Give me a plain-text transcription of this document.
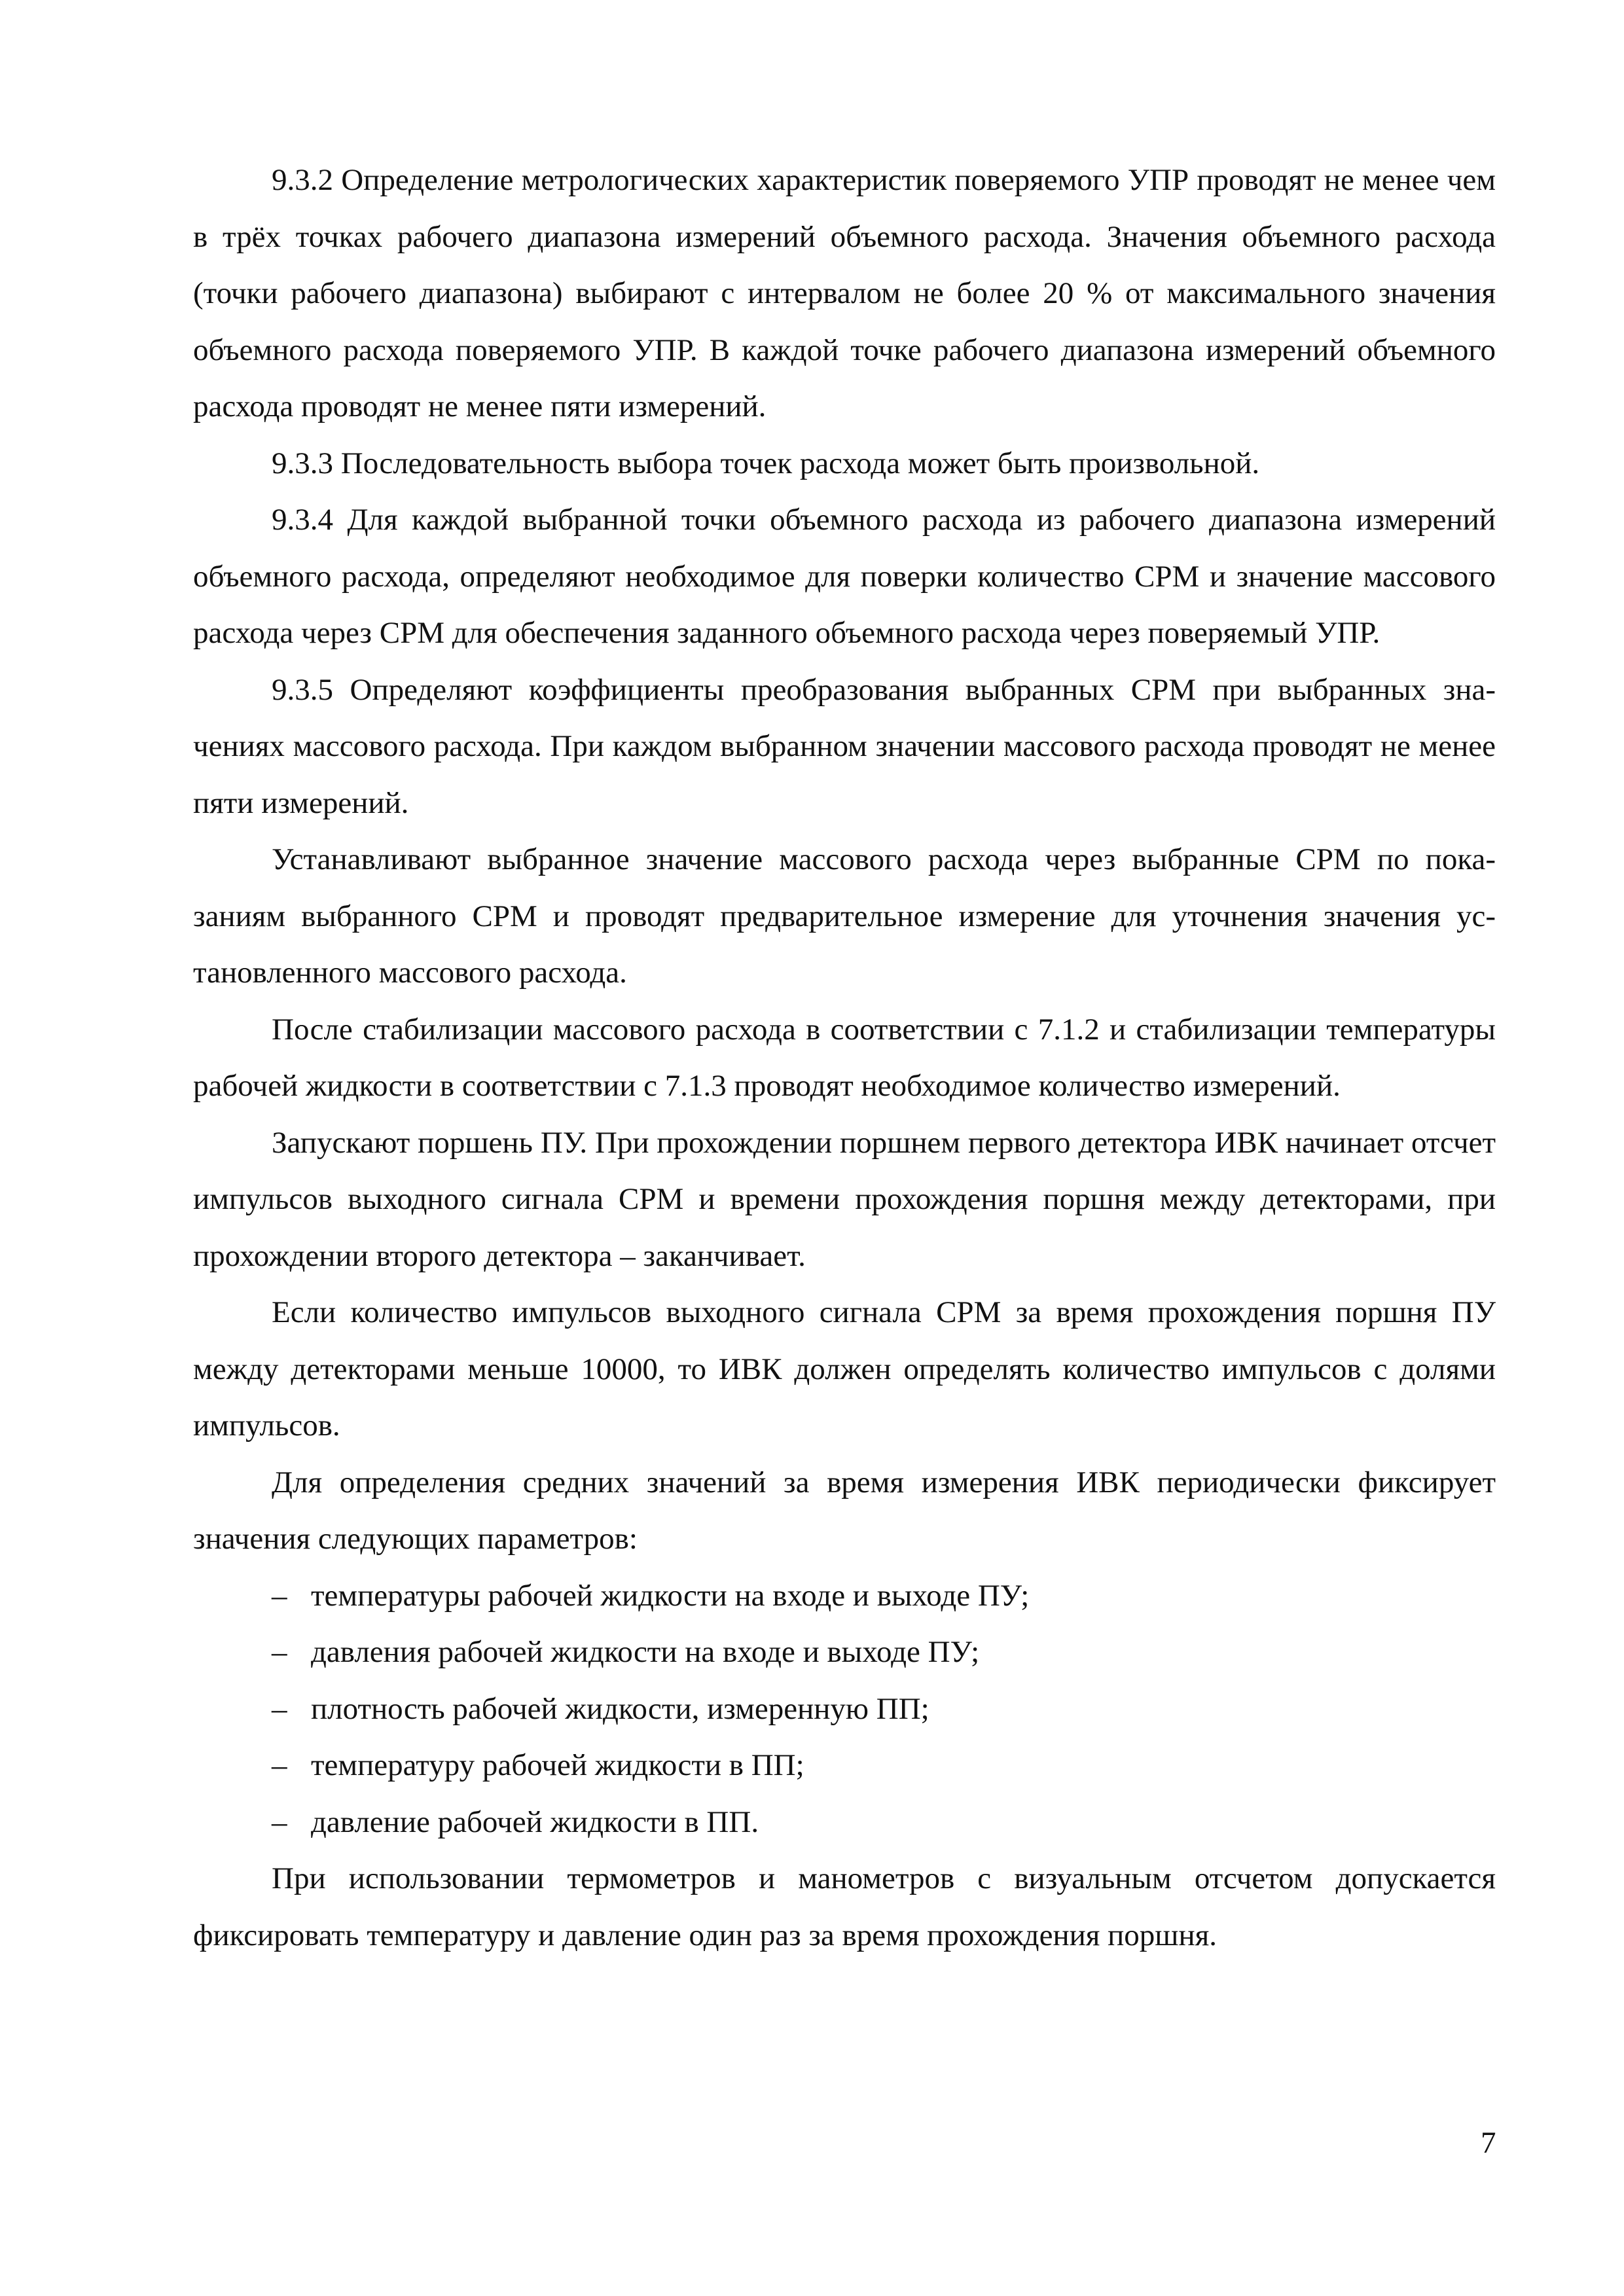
9.3.2 Определение метрологических характеристик поверяемого УПР проводят не менее чем в трёх точках рабочего диапазона измерений объемного расхода. Значения объемного расхода (точки рабочего диапазона) выбирают с интервалом не более 20 % от максимального значения объемного расхода поверяемого УПР. В каждой точке рабочего диапазона измерений объемного расхода проводят не менее пяти измерений.

9.3.3 Последовательность выбора точек расхода может быть произвольной.

9.3.4 Для каждой выбранной точки объемного расхода из рабочего диапазона измерений объемного расхода, определяют необходимое для поверки количество СРМ и значение массового расхода через СРМ для обеспечения заданного объемного расхода через поверяемый УПР.

9.3.5 Определяют коэффициенты преобразования выбранных СРМ при выбранных значениях массового расхода. При каждом выбранном значении массового расхода проводят не менее пяти измерений.

Устанавливают выбранное значение массового расхода через выбранные СРМ по показаниям выбранного СРМ и проводят предварительное измерение для уточнения значения установленного массового расхода.

После стабилизации массового расхода в соответствии с 7.1.2 и стабилизации температуры рабочей жидкости в соответствии с 7.1.3 проводят необходимое количество измерений.

Запускают поршень ПУ. При прохождении поршнем первого детектора ИВК начинает отсчет импульсов выходного сигнала СРМ и времени прохождения поршня между детекторами, при прохождении второго детектора – заканчивает.

Если количество импульсов выходного сигнала СРМ за время прохождения поршня ПУ между детекторами меньше 10000, то ИВК должен определять количество импульсов с долями импульсов.

Для определения средних значений за время измерения ИВК периодически фиксирует значения следующих параметров:

– температуры рабочей жидкости на входе и выходе ПУ;
– давления рабочей жидкости на входе и выходе ПУ;
– плотность рабочей жидкости, измеренную ПП;
– температуру рабочей жидкости в ПП;
– давление рабочей жидкости в ПП.

При использовании термометров и манометров с визуальным отсчетом допускается фиксировать температуру и давление один раз за время прохождения поршня.

7
